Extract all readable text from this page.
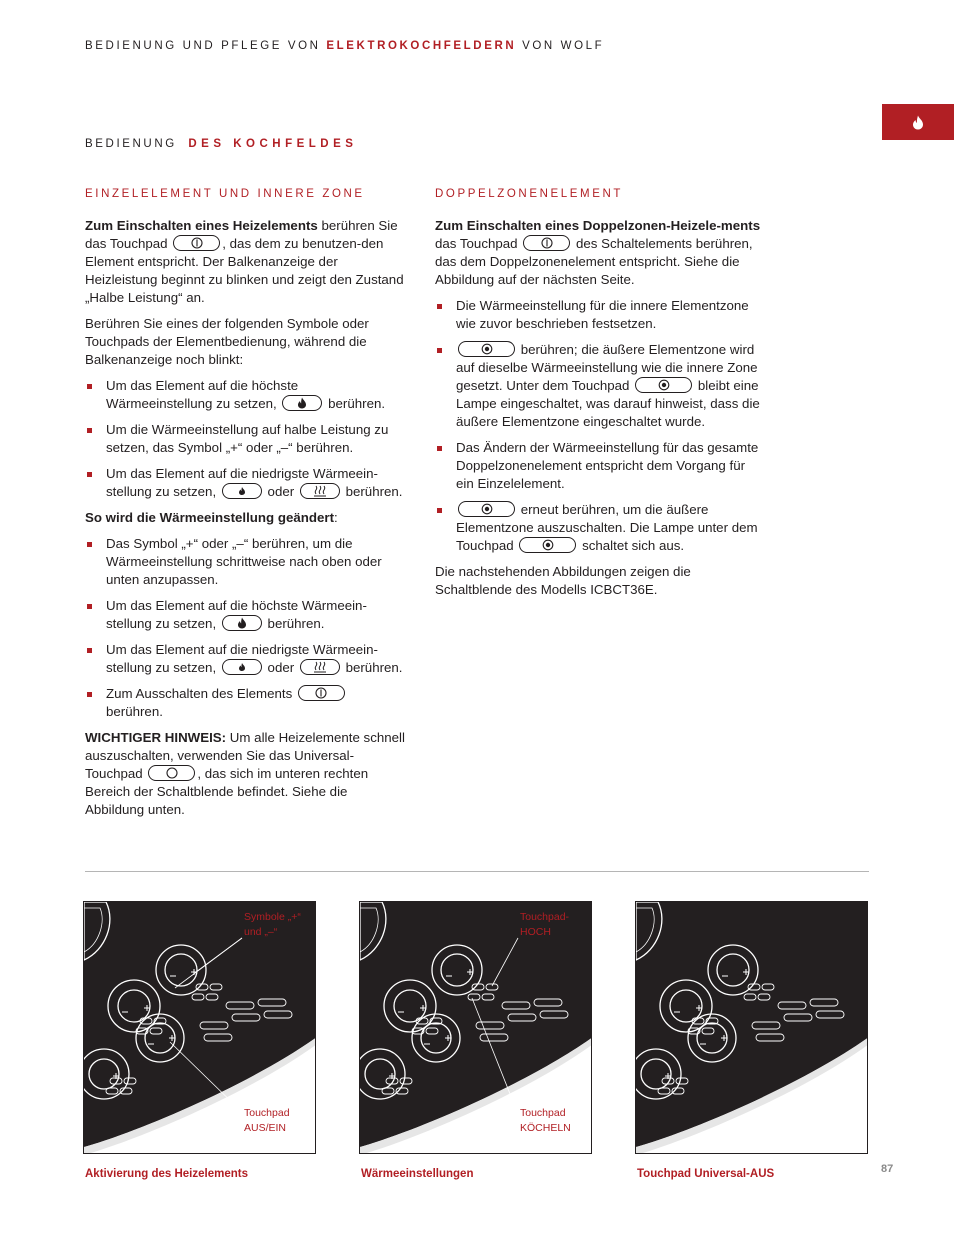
BEDIENUNG UND PFLEGE VON ELEKTROKOCHFELDERN VON WOLF
BEDIENUNG DES KOCHFELDES
EINZELELEMENT UND INNERE ZONE

Zum Einschalten eines Heizelements berühren Sie das Touchpad	, das dem zu benutzen-den Element entspricht. Der Balkenanzeige der Heizleistung beginnt zu blinken und zeigt den Zustand „Halbe Leistung“ an.

Berühren Sie eines der folgenden Symbole oder Touchpads der Elementbedienung, während die Balkenanzeige noch blinkt:

Um das Element auf die höchste Wärmeeinstellung zu setzen,	berühren.
Um die Wärmeeinstellung auf halbe Leistung zu setzen, das Symbol „+“ oder „–“ berühren.
Um das Element auf die niedrigste Wärmeein-stellung zu setzen,	oder	berühren.

So wird die Wärmeeinstellung geändert:

Das Symbol „+“ oder „–“ berühren, um die Wärmeeinstellung schrittweise nach oben oder unten anzupassen.
Um das Element auf die höchste Wärmeein-stellung zu setzen,	berühren.
Um das Element auf die niedrigste Wärmeein-stellung zu setzen,	oder	berühren.
Zum Ausschalten des Elements
berühren.

WICHTIGER HINWEIS: Um alle Heizelemente schnell auszuschalten, verwenden Sie das Universal-Touchpad	, das sich im unteren rechten Bereich der Schaltblende befindet. Siehe die Abbildung unten.

DOPPELZONENELEMENT

Zum Einschalten eines Doppelzonen-Heizele-ments das Touchpad	des Schaltelements berühren, das dem Doppelzonenelement entspricht. Siehe die Abbildung auf der nächsten Seite.

Die Wärmeeinstellung für die innere Elementzone wie zuvor beschrieben festsetzen.
berühren; die äußere Elementzone wird auf dieselbe Wärmeeinstellung wie die innere Zone gesetzt. Unter dem Touchpad	bleibt eine Lampe eingeschaltet, was darauf hinweist, dass die äußere Elementzone eingeschaltet wurde.
Das Ändern der Wärmeeinstellung für das gesamte Doppelzonenelement entspricht dem Vorgang für ein Einzelelement.
erneut berühren, um die äußere Elementzone auszuschalten. Die Lampe unter dem Touchpad	schaltet sich aus.

Die nachstehenden Abbildungen zeigen die Schaltblende des Modells ICBCT36E.

Symbole „+“ und „–“
Touchpad AUS/EIN
Touchpad-HOCH
Touchpad KÖCHELN
Aktivierung des Heizelements	Wärmeeinstellungen	Touchpad Universal-AUS	87
